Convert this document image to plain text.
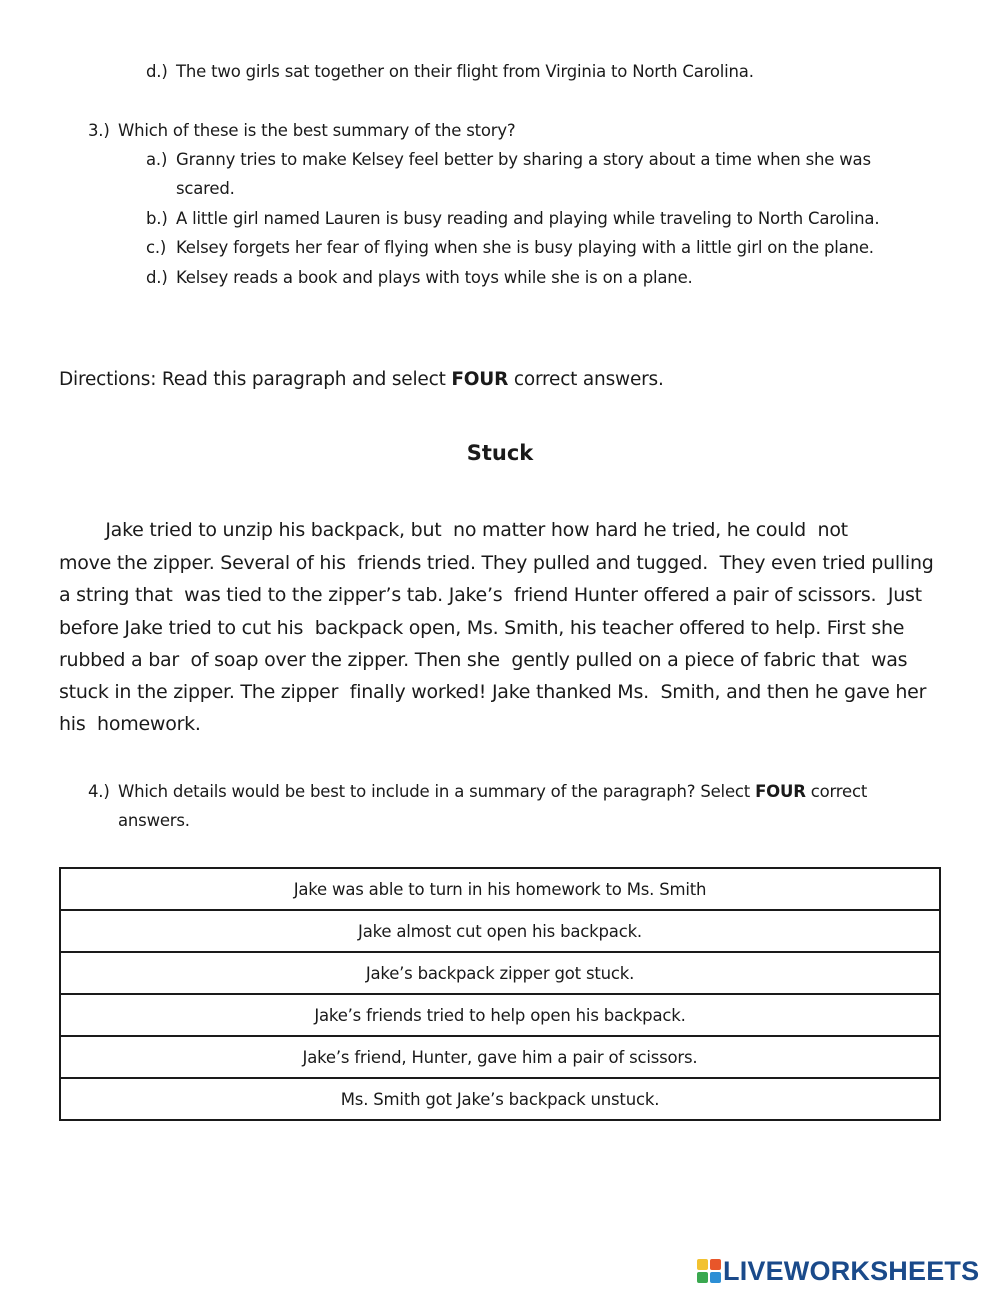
d.) The two girls sat together on their flight from Virginia to North Carolina.
3.) Which of these is the best summary of the story?
a.) Granny tries to make Kelsey feel better by sharing a story about a time when she was
scared.
b.) A little girl named Lauren is busy reading and playing while traveling to North Carolina.
c.) Kelsey forgets her fear of flying when she is busy playing with a little girl on the plane.
d.) Kelsey reads a book and plays with toys while she is on a plane.
Directions: Read this paragraph and select FOUR correct answers.
Stuck
Jake tried to unzip his backpack, but  no matter how hard he tried, he could  not
move the zipper. Several of his  friends tried. They pulled and tugged.  They even tried pulling
a string that  was tied to the zipper’s tab. Jake’s  friend Hunter offered a pair of scissors.  Just
before Jake tried to cut his  backpack open, Ms. Smith, his teacher offered to help. First she
rubbed a bar  of soap over the zipper. Then she  gently pulled on a piece of fabric that  was
stuck in the zipper. The zipper  finally worked! Jake thanked Ms.  Smith, and then he gave her
his  homework.
4.) Which details would be best to include in a summary of the paragraph? Select FOUR correct
answers.
Jake was able to turn in his homework to Ms. Smith
Jake almost cut open his backpack.
Jake’s backpack zipper got stuck.
Jake’s friends tried to help open his backpack.
Jake’s friend, Hunter, gave him a pair of scissors.
Ms. Smith got Jake’s backpack unstuck.
LIVEWORKSHEETS
